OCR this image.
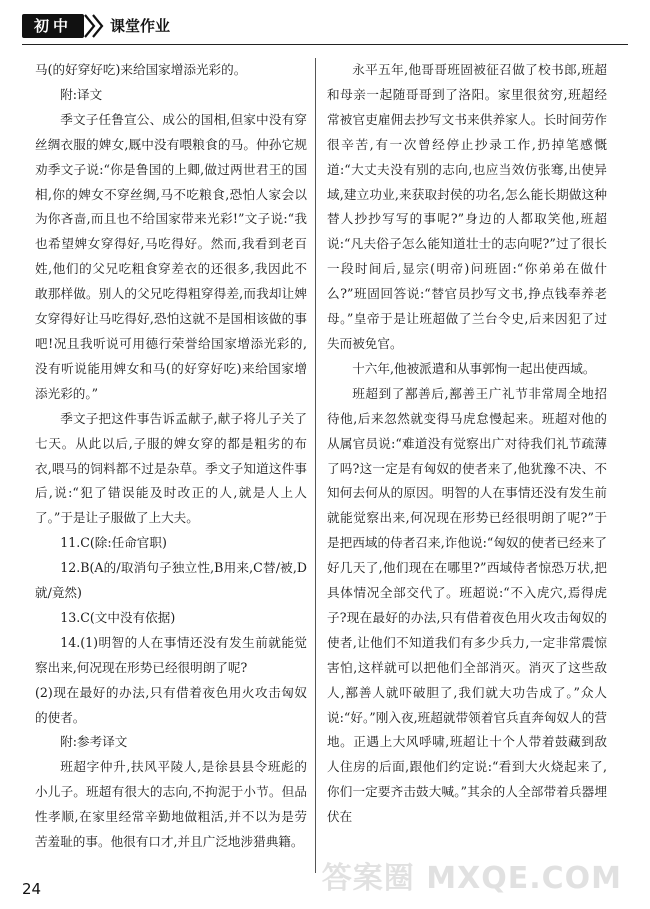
初中	课堂作业

马(的好穿好吃)来给国家增添光彩的。

附:译文

季文子任鲁宣公、成公的国相,但家中没有穿丝绸衣服的婢女,厩中没有喂粮食的马。仲孙它规劝季文子说:“你是鲁国的上卿,做过两世君王的国相,你的婢女不穿丝绸,马不吃粮食,恐怕人家会以为你吝啬,而且也不给国家带来光彩!”文子说:“我也希望婢女穿得好,马吃得好。然而,我看到老百姓,他们的父兄吃粗食穿差衣的还很多,我因此不敢那样做。别人的父兄吃得粗穿得差,而我却让婢女穿得好让马吃得好,恐怕这就不是国相该做的事吧!况且我听说可用德行荣誉给国家增添光彩的,没有听说能用婢女和马(的好穿好吃)来给国家增添光彩的。”

季文子把这件事告诉孟献子,献子将儿子关了七天。从此以后,子服的婢女穿的都是粗劣的布衣,喂马的饲料都不过是杂草。季文子知道这件事后,说:“犯了错误能及时改正的人,就是人上人了。”于是让子服做了上大夫。

11.C(除:任命官职)

12.B(A的/取消句子独立性,B用来,C替/被,D就/竟然)

13.C(文中没有依据)

14.(1)明智的人在事情还没有发生前就能觉察出来,何况现在形势已经很明朗了呢?

(2)现在最好的办法,只有借着夜色用火攻击匈奴的使者。

附:参考译文

班超字仲升,扶风平陵人,是徐县县令班彪的小儿子。班超有很大的志向,不拘泥于小节。但品性孝顺,在家里经常辛勤地做粗活,并不以为是劳苦羞耻的事。他很有口才,并且广泛地涉猎典籍。

永平五年,他哥哥班固被征召做了校书郎,班超和母亲一起随哥哥到了洛阳。家里很贫穷,班超经常被官吏雇佣去抄写文书来供养家人。长时间劳作很辛苦,有一次曾经停止抄录工作,扔掉笔感慨道:“大丈夫没有别的志向,也应当效仿张骞,出使异域,建立功业,来获取封侯的功名,怎么能长期做这种替人抄抄写写的事呢?”身边的人都取笑他,班超说:“凡夫俗子怎么能知道壮士的志向呢?”过了很长一段时间后,显宗(明帝)问班固:“你弟弟在做什么?”班固回答说:“替官员抄写文书,挣点钱奉养老母。”皇帝于是让班超做了兰台令史,后来因犯了过失而被免官。

十六年,他被派遣和从事郭恂一起出使西域。

班超到了鄯善后,鄯善王广礼节非常周全地招待他,后来忽然就变得马虎怠慢起来。班超对他的从属官员说:“难道没有觉察出广对待我们礼节疏薄了吗?这一定是有匈奴的使者来了,他犹豫不决、不知何去何从的原因。明智的人在事情还没有发生前就能觉察出来,何况现在形势已经很明朗了呢?”于是把西域的侍者召来,诈他说:“匈奴的使者已经来了好几天了,他们现在在哪里?”西域侍者惊恐万状,把具体情况全部交代了。班超说:“不入虎穴,焉得虎子?现在最好的办法,只有借着夜色用火攻击匈奴的使者,让他们不知道我们有多少兵力,一定非常震惊害怕,这样就可以把他们全部消灭。消灭了这些敌人,鄯善人就吓破胆了,我们就大功告成了。”众人说:“好。”刚入夜,班超就带领着官兵直奔匈奴人的营地。正遇上大风呼啸,班超让十个人带着鼓藏到敌人住房的后面,跟他们约定说:“看到大火烧起来了,你们一定要齐击鼓大喊。”其余的人全部带着兵器埋伏在

24	答案圈 MXQE.COM
